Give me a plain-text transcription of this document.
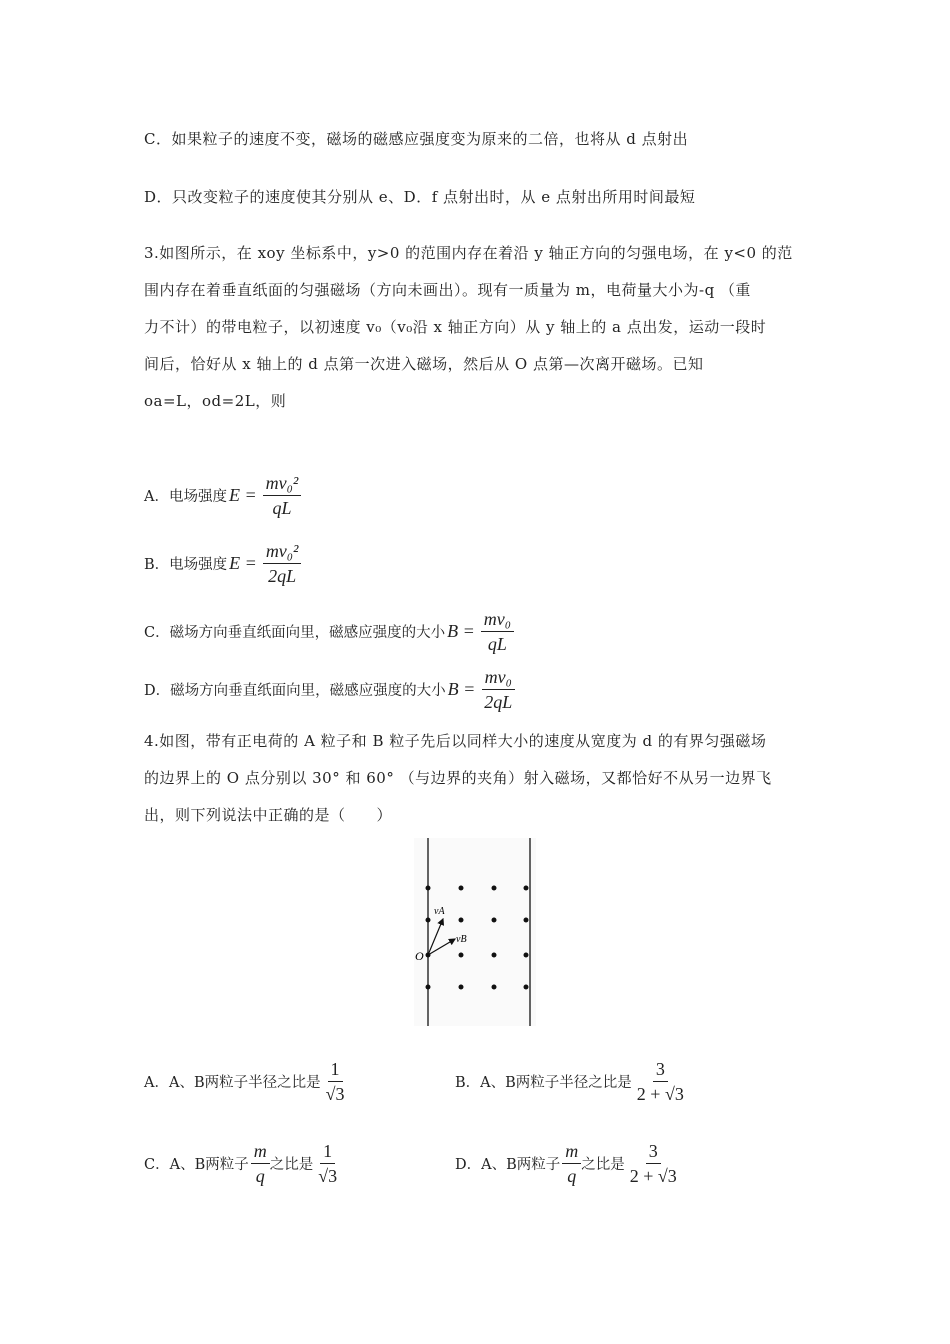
C．如果粒子的速度不变，磁场的磁感应强度变为原来的二倍，也将从 d 点射出
D．只改变粒子的速度使其分别从 e、D．f 点射出时，从 e 点射出所用时间最短
3.如图所示，在 xoy 坐标系中，y>0 的范围内存在着沿 y 轴正方向的匀强电场，在 y<0 的范
围内存在着垂直纸面的匀强磁场（方向未画出）。现有一质量为 m，电荷量大小为-q （重
力不计）的带电粒子，以初速度 v₀（v₀沿 x 轴正方向）从 y 轴上的 a 点出发，运动一段时
间后，恰好从 x 轴上的 d 点第一次进入磁场，然后从 O 点第—次离开磁场。已知
oa=L，od=2L，则
A．电场强度 $E = \frac{\text{mv₀²}}{qL}$
B．电场强度 $E = \frac{\text{mv₀²}}{2qL}$
C．磁场方向垂直纸面向里，磁感应强度的大小 $B = \frac{\text{mv₀}}{qL}$
D．磁场方向垂直纸面向里，磁感应强度的大小 $B = \frac{\text{mv₀}}{2qL}$
4.如图，带有正电荷的 A 粒子和 B 粒子先后以同样大小的速度从宽度为 d 的有界匀强磁场
的边界上的 O 点分别以 30° 和 60° （与边界的夹角）射入磁场，又都恰好不从另一边界飞
出，则下列说法中正确的是（　　）
vA
vB
O
A．A、B两粒子半径之比是 $\frac{1}{√3}$	B．A、B两粒子半径之比是 $\frac{3}{2 + √3}$
C．A、B两粒子 $\frac{m}{q}$ 之比是 $\frac{1}{√3}$	D．A、B两粒子 $\frac{m}{q}$ 之比是 $\frac{3}{2 + √3}$
